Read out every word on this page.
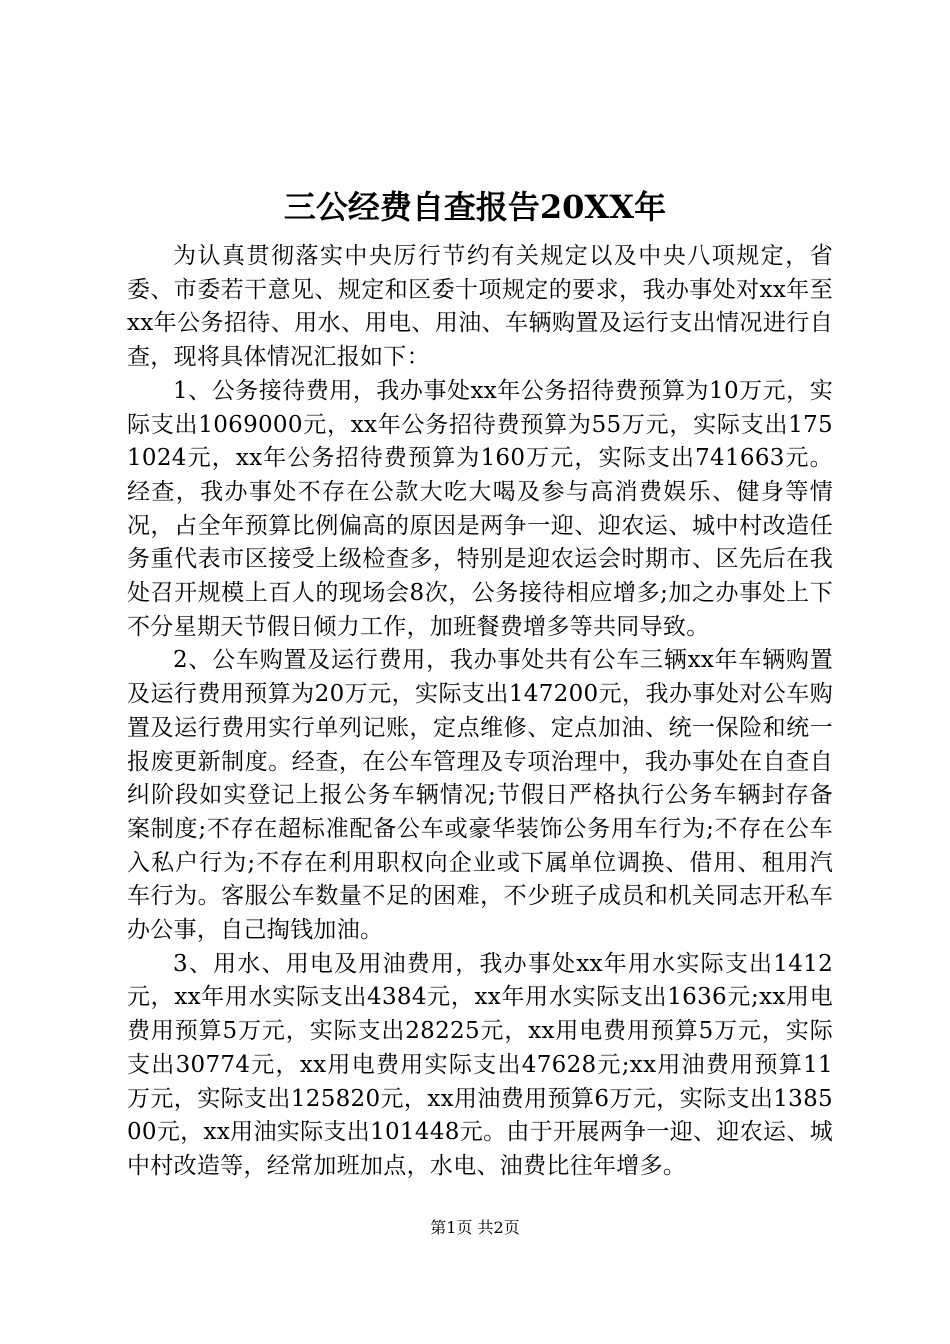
三公经费自查报告20XX年

为认真贯彻落实中央厉行节约有关规定以及中央八项规定，省委、市委若干意见、规定和区委十项规定的要求，我办事处对xx年至xx年公务招待、用水、用电、用油、车辆购置及运行支出情况进行自查，现将具体情况汇报如下：

1、公务接待费用，我办事处xx年公务招待费预算为10万元，实际支出1069000元，xx年公务招待费预算为55万元，实际支出1751024元，xx年公务招待费预算为160万元，实际支出741663元。经查，我办事处不存在公款大吃大喝及参与高消费娱乐、健身等情况，占全年预算比例偏高的原因是两争一迎、迎农运、城中村改造任务重代表市区接受上级检查多，特别是迎农运会时期市、区先后在我处召开规模上百人的现场会8次，公务接待相应增多;加之办事处上下不分星期天节假日倾力工作，加班餐费增多等共同导致。

2、公车购置及运行费用，我办事处共有公车三辆xx年车辆购置及运行费用预算为20万元，实际支出147200元，我办事处对公车购置及运行费用实行单列记账，定点维修、定点加油、统一保险和统一报废更新制度。经查，在公车管理及专项治理中，我办事处在自查自纠阶段如实登记上报公务车辆情况;节假日严格执行公务车辆封存备案制度;不存在超标准配备公车或豪华装饰公务用车行为;不存在公车入私户行为;不存在利用职权向企业或下属单位调换、借用、租用汽车行为。客服公车数量不足的困难，不少班子成员和机关同志开私车办公事，自己掏钱加油。

3、用水、用电及用油费用，我办事处xx年用水实际支出1412元，xx年用水实际支出4384元，xx年用水实际支出1636元;xx用电费用预算5万元，实际支出28225元，xx用电费用预算5万元，实际支出30774元，xx用电费用实际支出47628元;xx用油费用预算11万元，实际支出125820元，xx用油费用预算6万元，实际支出138500元，xx用油实际支出101448元。由于开展两争一迎、迎农运、城中村改造等，经常加班加点，水电、油费比往年增多。

第1页 共2页
